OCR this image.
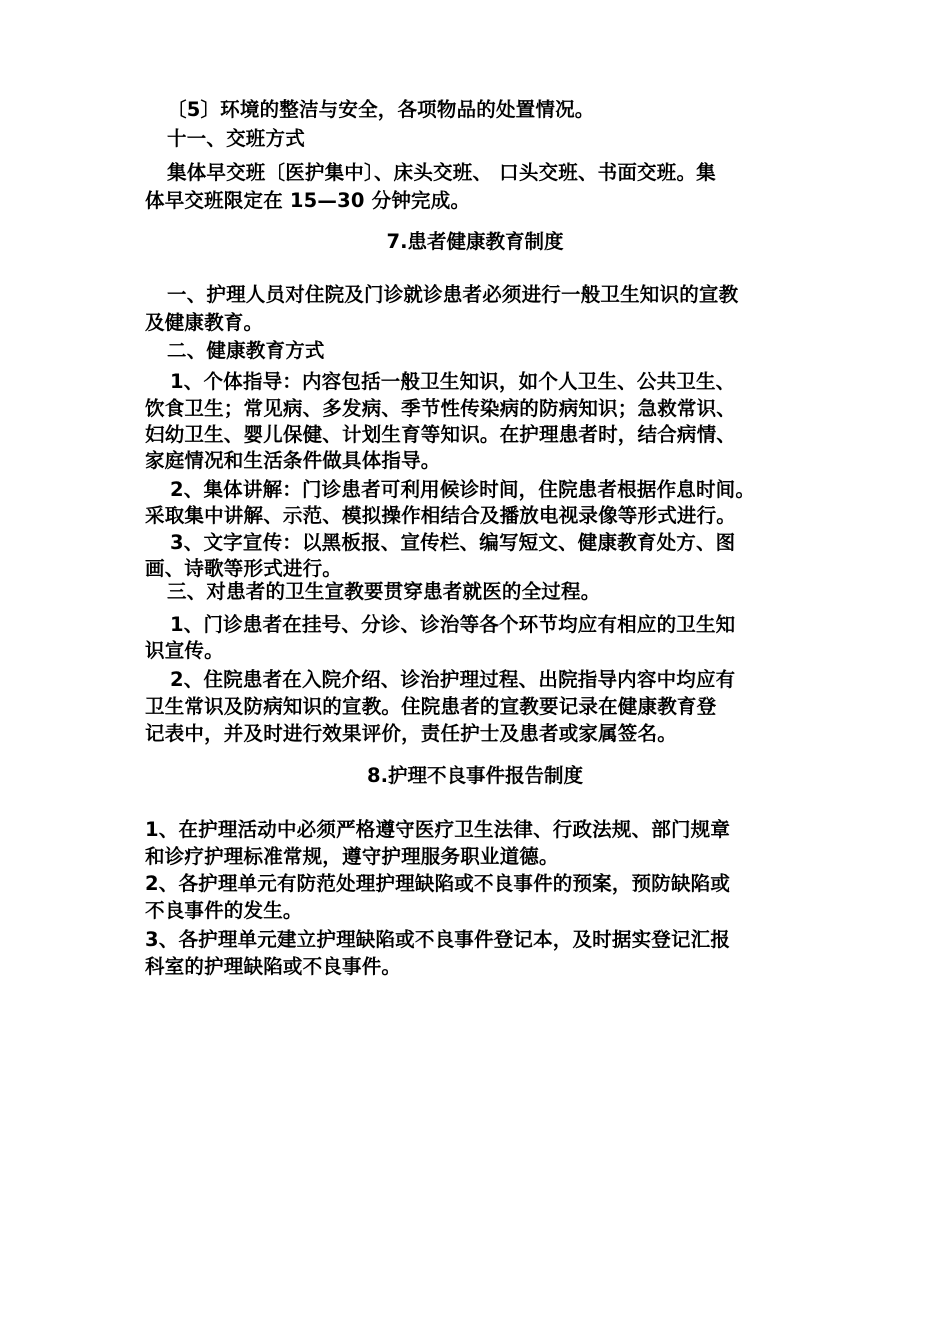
〔5〕环境的整洁与安全，各项物品的处置情况。
十一、交班方式
集体早交班〔医护集中〕、床头交班、 口头交班、书面交班。集
体早交班限定在 15—30 分钟完成。
7.患者健康教育制度
一、护理人员对住院及门诊就诊患者必须进行一般卫生知识的宣教
及健康教育。
二、健康教育方式
1、个体指导：内容包括一般卫生知识，如个人卫生、公共卫生、
饮食卫生；常见病、多发病、季节性传染病的防病知识；急救常识、
妇幼卫生、婴儿保健、计划生育等知识。在护理患者时，结合病情、
家庭情况和生活条件做具体指导。
2、集体讲解：门诊患者可利用候诊时间，住院患者根据作息时间。
采取集中讲解、示范、模拟操作相结合及播放电视录像等形式进行。
3、文字宣传：以黑板报、宣传栏、编写短文、健康教育处方、图
画、诗歌等形式进行。
三、对患者的卫生宣教要贯穿患者就医的全过程。
1、门诊患者在挂号、分诊、诊治等各个环节均应有相应的卫生知
识宣传。
2、住院患者在入院介绍、诊治护理过程、出院指导内容中均应有
卫生常识及防病知识的宣教。住院患者的宣教要记录在健康教育登
记表中，并及时进行效果评价，责任护士及患者或家属签名。
8.护理不良事件报告制度
1、在护理活动中必须严格遵守医疗卫生法律、行政法规、部门规章
和诊疗护理标准常规，遵守护理服务职业道德。
2、各护理单元有防范处理护理缺陷或不良事件的预案，预防缺陷或
不良事件的发生。
3、各护理单元建立护理缺陷或不良事件登记本，及时据实登记汇报
科室的护理缺陷或不良事件。
